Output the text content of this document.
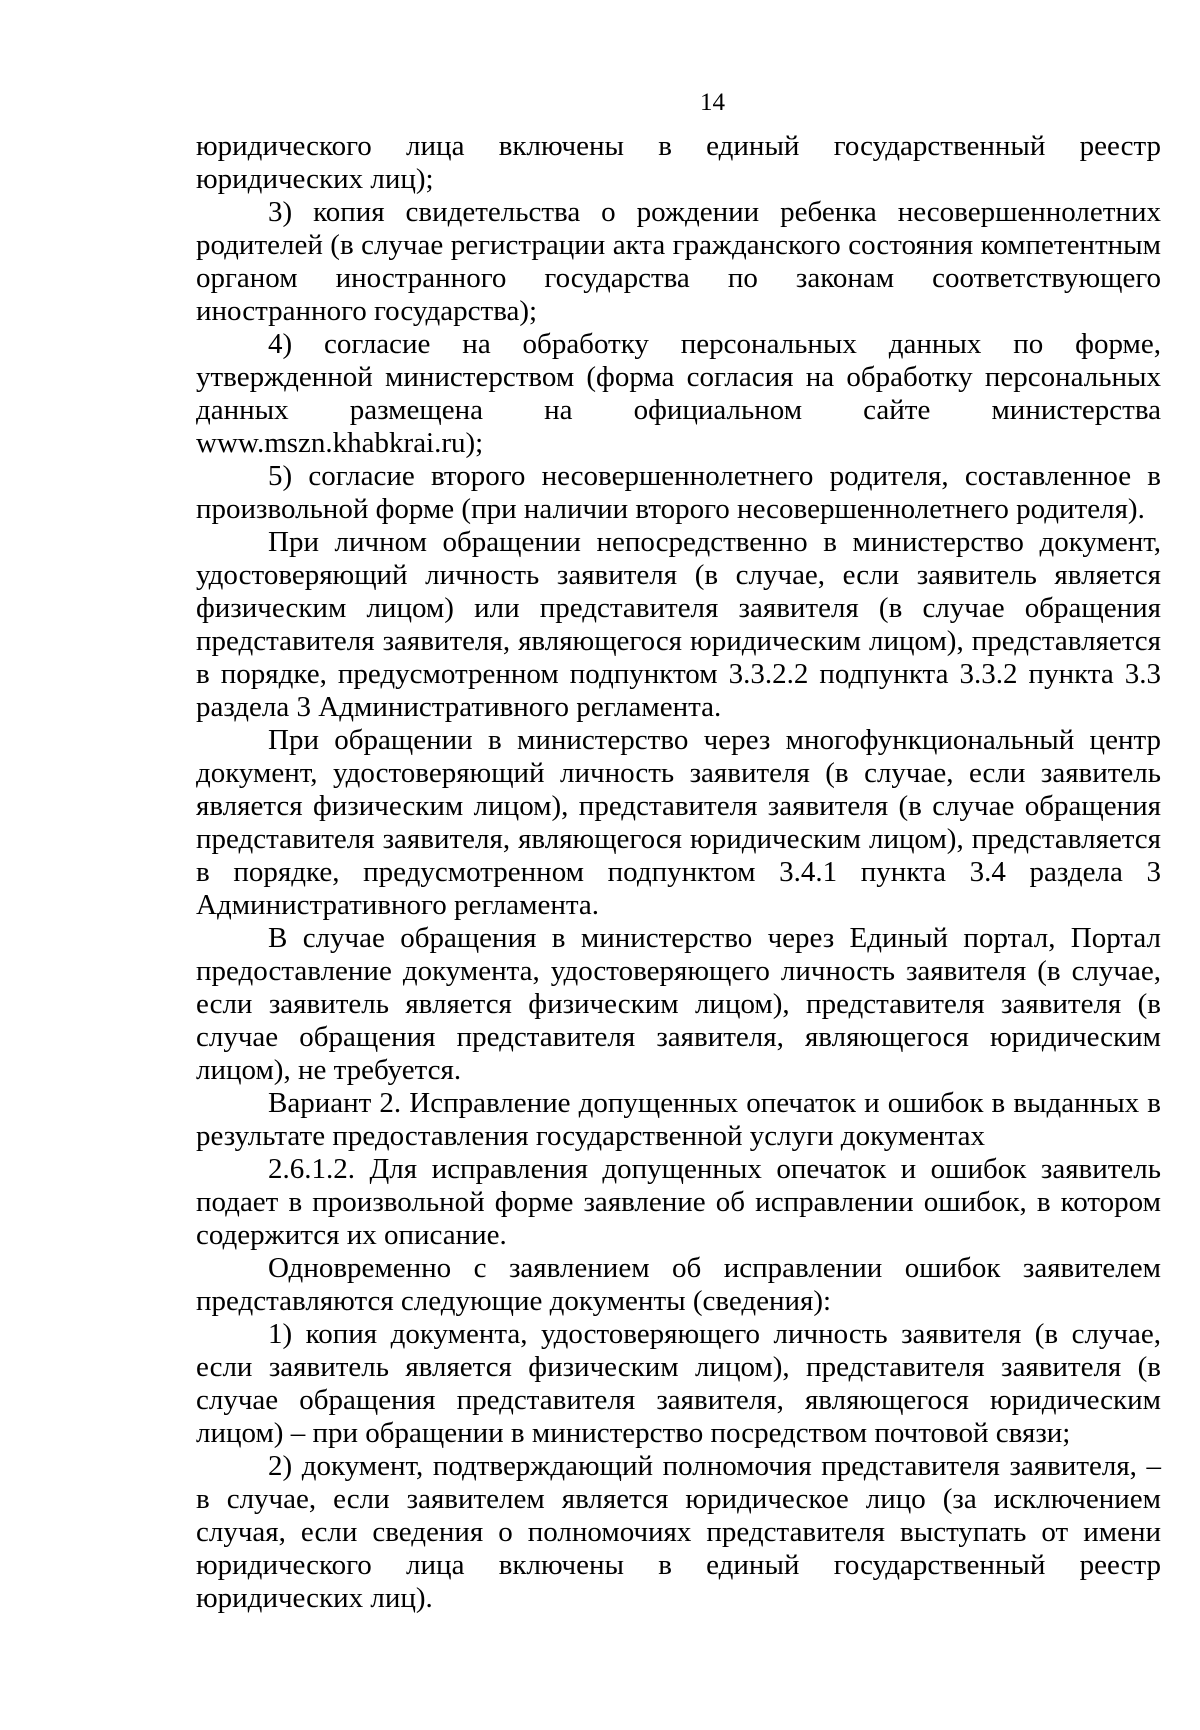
14

юридического лица включены в единый государственный реестр юридических лиц);

3) копия свидетельства о рождении ребенка несовершеннолетних родителей (в случае регистрации акта гражданского состояния компетентным органом иностранного государства по законам соответствующего иностранного государства);

4) согласие на обработку персональных данных по форме, утвержденной министерством (форма согласия на обработку персональных данных размещена на официальном сайте министерства www.mszn.khabkrai.ru);

5) согласие второго несовершеннолетнего родителя, составленное в произвольной форме (при наличии второго несовершеннолетнего родителя).

При личном обращении непосредственно в министерство документ, удостоверяющий личность заявителя (в случае, если заявитель является физическим лицом) или представителя заявителя (в случае обращения представителя заявителя, являющегося юридическим лицом), представляется в порядке, предусмотренном подпунктом 3.3.2.2 подпункта 3.3.2 пункта 3.3 раздела 3 Административного регламента.

При обращении в министерство через многофункциональный центр документ, удостоверяющий личность заявителя (в случае, если заявитель является физическим лицом), представителя заявителя (в случае обращения представителя заявителя, являющегося юридическим лицом), представляется в порядке, предусмотренном подпунктом 3.4.1 пункта 3.4 раздела 3 Административного регламента.

В случае обращения в министерство через Единый портал, Портал предоставление документа, удостоверяющего личность заявителя (в случае, если заявитель является физическим лицом), представителя заявителя (в случае обращения представителя заявителя, являющегося юридическим лицом), не требуется.

Вариант 2. Исправление допущенных опечаток и ошибок в выданных в результате предоставления государственной услуги документах

2.6.1.2. Для исправления допущенных опечаток и ошибок заявитель подает в произвольной форме заявление об исправлении ошибок, в котором содержится их описание.

Одновременно с заявлением об исправлении ошибок заявителем представляются следующие документы (сведения):

1) копия документа, удостоверяющего личность заявителя (в случае, если заявитель является физическим лицом), представителя заявителя (в случае обращения представителя заявителя, являющегося юридическим лицом) – при обращении в министерство посредством почтовой связи;

2) документ, подтверждающий полномочия представителя заявителя, – в случае, если заявителем является юридическое лицо (за исключением случая, если сведения о полномочиях представителя выступать от имени юридического лица включены в единый государственный реестр юридических лиц).
